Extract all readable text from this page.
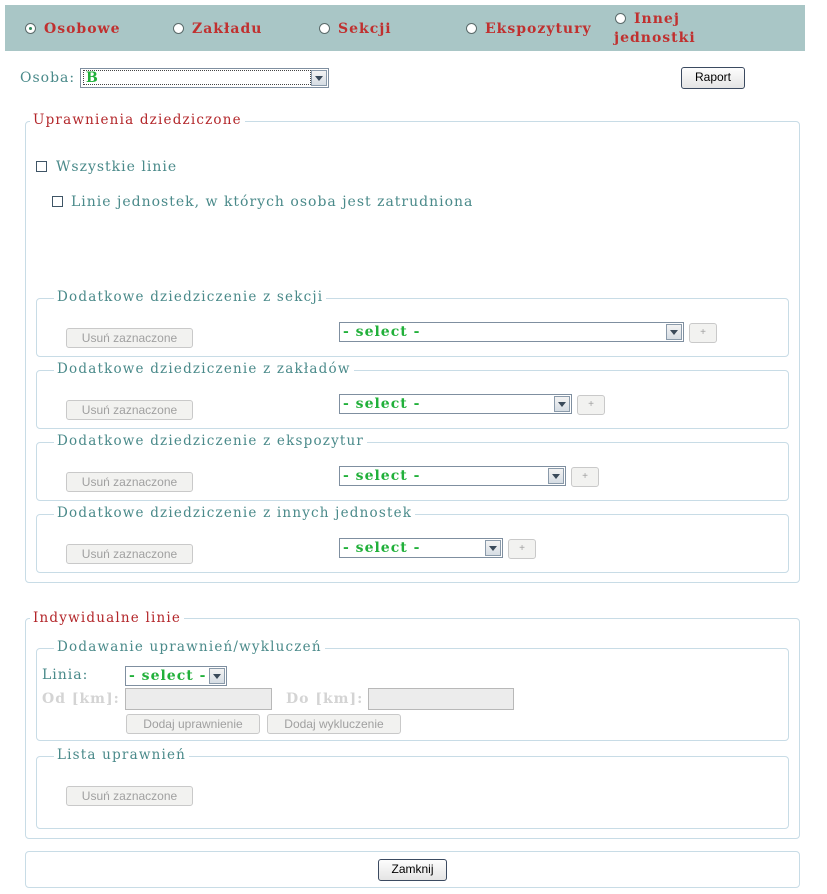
Osobowe	Zakładu	Sekcji	Ekspozytury
Innej jednostki
Osoba: B	Raport
Uprawnienia dziedziczone
Wszystkie linie
Linie jednostek, w których osoba jest zatrudniona
Dodatkowe dziedziczenie z sekcji
Usuń zaznaczone	- select -	+
Dodatkowe dziedziczenie z zakładów
Usuń zaznaczone	- select -	+
Dodatkowe dziedziczenie z ekspozytur
Usuń zaznaczone	- select -	+
Dodatkowe dziedziczenie z innych jednostek
Usuń zaznaczone	- select -	+
Indywidualne linie
Dodawanie uprawnień/wykluczeń
Linia:	- select -
Od [km]:	Do [km]:
Dodaj uprawnienie	Dodaj wykluczenie
Lista uprawnień
Usuń zaznaczone
Zamknij
